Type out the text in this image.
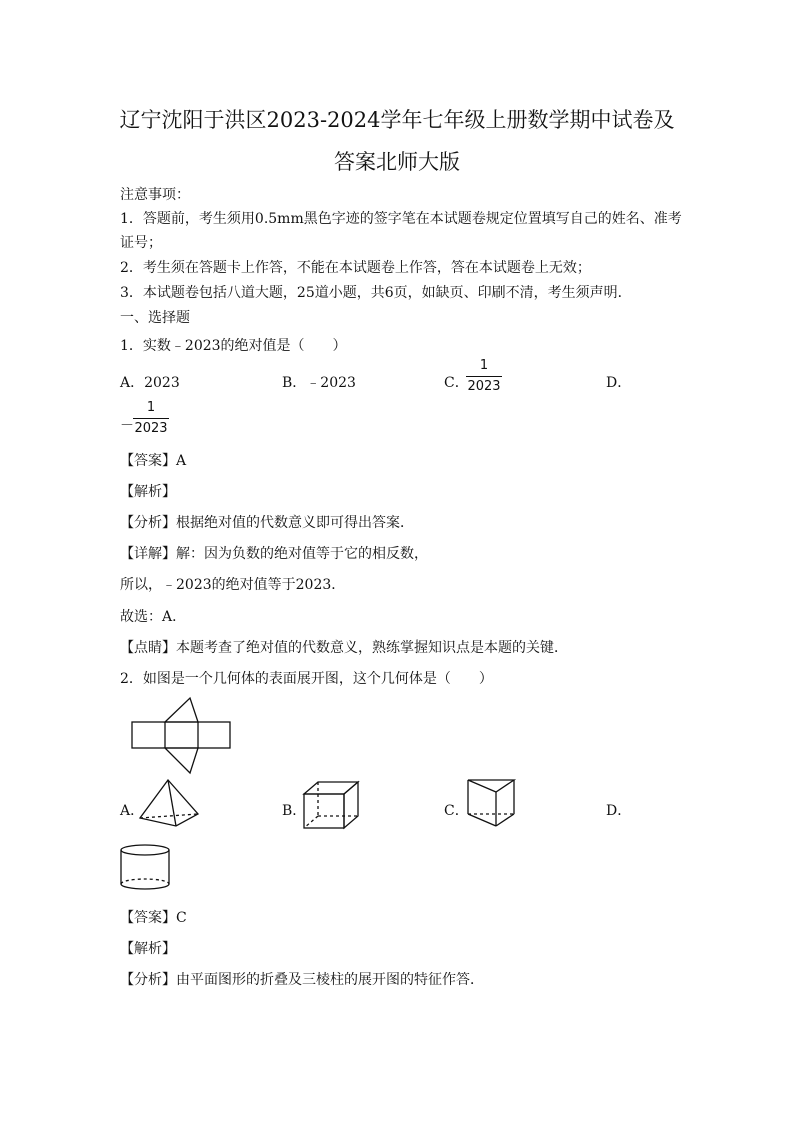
辽宁沈阳于洪区2023-2024学年七年级上册数学期中试卷及
答案北师大版
注意事项：
1．答题前，考生须用0.5mm黑色字迹的签字笔在本试题卷规定位置填写自己的姓名、准考
证号；
2．考生须在答题卡上作答，不能在本试题卷上作答，答在本试题卷上无效；
3．本试题卷包括八道大题，25道小题，共6页，如缺页、印刷不清，考生须声明．
一、选择题
1．实数﹣2023的绝对值是（　　）
A．2023	B．﹣2023	C．
1
2023	D．
－
1
2023
【答案】A
【解析】
【分析】根据绝对值的代数意义即可得出答案．
【详解】解：因为负数的绝对值等于它的相反数，
所以，﹣2023的绝对值等于2023．
故选：A．
【点睛】本题考查了绝对值的代数意义，熟练掌握知识点是本题的关键．
2．如图是一个几何体的表面展开图，这个几何体是（　　）
A．	B．	C．	D．
【答案】C
【解析】
【分析】由平面图形的折叠及三棱柱的展开图的特征作答．
